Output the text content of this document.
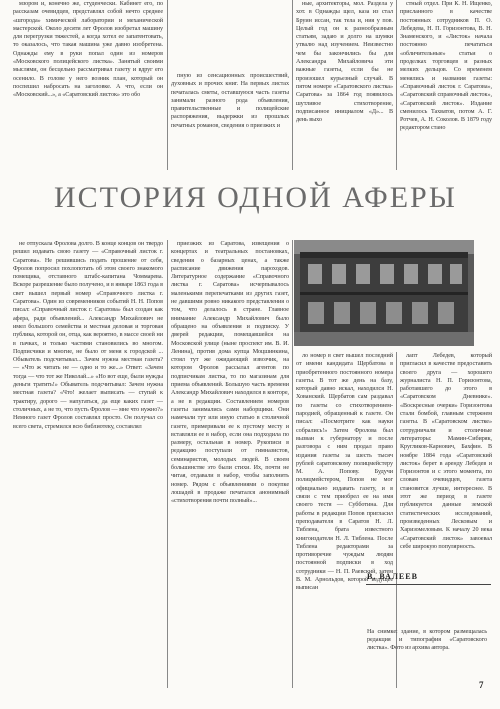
мзором и, конечно же, студенчески. Кабинет его, по рассказам очевидцев, представлял собой нечто среднее «шгорода» химической лаборатории и механической мастерской. Около десяти лет Фролов изобретал машину для перегрузки тяжестей, а когда хотел ее запатентовать, то оказалось, что такая машина уже давно изобретена. Однажды ему в руки попал один из номеров «Московского полицейского листка». Занятый своими мыслями, он бесцельно рассматривал газету и вдруг его осенило. В голове у него возник план, который он поспешил набросать на заголовке. А что, если он «Московский...», а «Саратовский листок» это обо

пную из сенсационных происшествий, духовных и прочих книг. На первых листах печаталась сметы, оставшуюся часть газеты занимали разного рода объявления, правительственные и полицейские распоряжения, выдержки из прошлых печатных романов, сведения о приезжих и

ные, архитекторы, мол. Раздела у хот. в Однажды щел, каза из стал Бруин иссан, так тела и, ния у пов. Целый год он к разнообразным статьям, задаю и долго на шумки утвалю над изучением. Неизвестно чем бы закончились бы для Александра Михайловича эти важные газеты, если бы не произошел курьезный случай. В пятом номере «Саратовского листка» Саратова» за 1864 год появилось шутливое стихотворение, подписанное инициалом «Д»... В день выхо

стный отдел. При К. Н. Ищенко, присланного в качестве постоянных сотрудников П. О. Лебедева, Н. П. Горизонтова, В. Н. Знаменского, и «Листок» начала постоянно печататься «обличительные» статьи о проделках торговцев и разных мелких дельцов. Со временем менялись и названия газеты: «Справочный листок г. Саратова», «Саратовский справочный листок», «Саратовский листок». Издание сменилось Тахватов, потом А. Г. Ротчев, А. Н. Соколов. В 1879 году редактором стано

ИСТОРИЯ ОДНОЙ АФЕРЫ

не отпускала Фролова долго. В конце концов он твердо решил издавать свою газету — «Справочный листок г. Саратова». Не решившись подать прошение от себя, Фролов попросил похлопотать об этом своего знакомого помещика, отставного штабс-капитана Чоммарева. Вскоре разрешение было получено, и в январе 1863 года в свет вышел первый номер «Справочного листка г. Саратова». Один из современников событий Н. Н. Попов писал: «Справочный листок г. Саратова» был создан как афера, ради объявлений... Александр Михайлович не имел большого семейства и местная деловая и торговая публика, которой он, отца, как вероятно, в массе своей ни в пачках, и только частями становились во многом. Подписчики и многие, не было от меня к городской ... Обыватель подсчитывал... Зачем нужна местная газета? — «Что ж читать не — одно и то же...» Ответ: «Зачем тогда — что тот же Николай...» «Но вот еще, были нужды деньги тратить!» Обыватель подсчитывал: Зачем нужна местная газета? «Что! желает выписать — ступай к трактиру, дорого — напугаться, да еще каких газет — столичных, а не то, что пусть Фролов — мне что нужно?» Немного газет Фролов составлял просто. Он получал со всего света, стремился всю библиотеку, составлял

приезжих из Саратова, извещения о концертах и театральных постановках, сведения о базарных ценах, а также расписание движения пароходов. Литературное содержание «Справочного листка г. Саратова» исчерпывалось маленькими перепечатками из других газет, не давшими ровно никакого представления о том, что делалось в стране. Главное внимание Александр Михайлович было обращено на объявления и подписку. У дверей редакции, помещавшейся на Московской улице (ныне проспект им. В. И. Ленина), против дома купца Моцшинкина, стоял тут же ожидающий извозчик, на котором Фролов рассылал агентов по подписчикам листка, то по магазинам для приема объявлений. Большую часть времени Александр Михайлович находился в конторе, а не в редакции. Составлением номеров газеты занимались сами наборщики. Они намечали тут или иную статью в столичной газете, примеривали ее к пустому месту и вставляли ее в набор, если она подходила по размеру, остальная в номер. Рукописи в редакцию поступали от гимназистов, семинаристов, молодых людей. В своем большинстве это были стихи. Их, почти не читая, отдавали в набор, чтобы заполнить номер. Рядом с объявлениями о покупке лошадей в продаже печатался анонимный «стихотворения почти полный»...

ло номер в свет вышел последний от имени кандидата Щербатова в приобретенного постоянного номера газеты. В тот же день на базу, который давно искал, находился Н. Хованский. Щербатов сам раздавал по газеты со стихотворением-пародией, обращенный к газете. Он писал: «Посмотрите как науки собрались!» Затем Фролова был вызван к губернатору и после разговора с ним продал право издания газеты за шесть тысяч рублей саратовскому полицмейстеру М. А. Попову. Будучи полицмейстером, Попов не мог официально издавать газету, и в связи с тем приобрел ее на имя своего тестя — Субботина. Для работы в редакции Попов пригласил преподавателя в Саратов Н. Л. Тиблена, брата известного книгоиздателя Н. Л. Тиблена. После Тиблена редакторами за противоречие чуждым людям постоянной подписки в ход сотрудники — Н. П. Раевский, затем В. М. Арнольдов, которой ведущее выписан

лапт Лебедев, который пригласил в качестве предоставить своего друга — хорошего журналиста Н. П. Горизонтова, работавшего до этого в «Саратовском Дневнике». «Воскресные очерки» Горизонтова стали бомбой, главным стержнем газеты. В «Саратовском листке» сотрудничали и столичные литераторы: Мамин-Сибиряк, Кругликов-Карнович, Бахфин. В ноябре 1884 года «Саратовский листок» берет в аренду Лебедев и Горизонтов и с этого момента, по словам очевидцев, газета становится лучше, интереснее. В этот же период в газете публикуется данные земской статистических исследований, произведенных Лесковым и Харизомеловым. К началу 20 века «Саратовский листок» завоевал себе широкую популярность.

В. ВАЛЕЕВ
На снимке: здание, в котором размещалась редакция и типография «Саратовского листка». Фото из архива автора.
7
